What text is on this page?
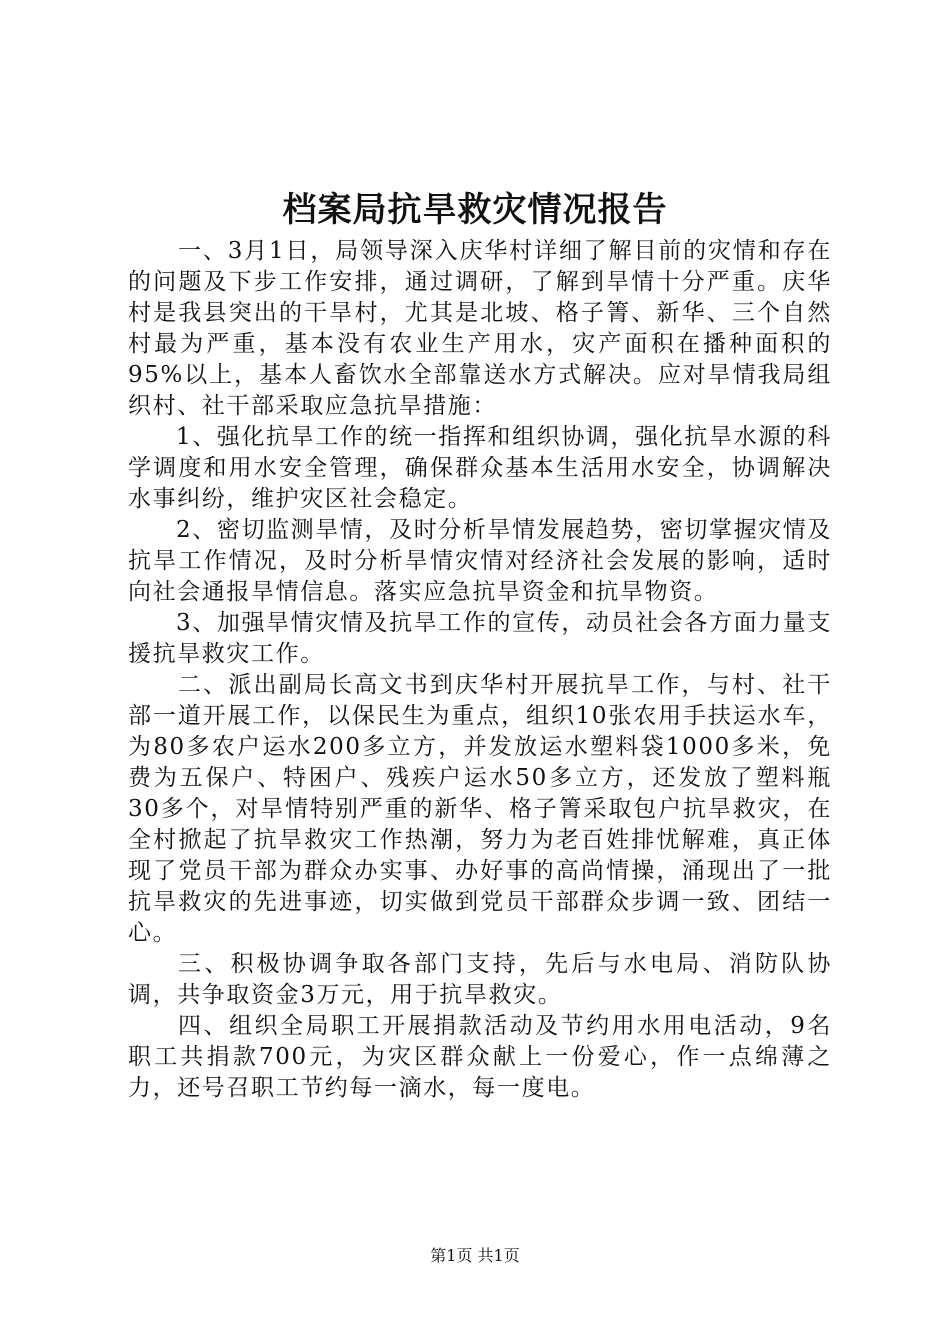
档案局抗旱救灾情况报告

一、3月1日，局领导深入庆华村详细了解目前的灾情和存在的问题及下步工作安排，通过调研，了解到旱情十分严重。庆华村是我县突出的干旱村，尤其是北坡、格子箐、新华、三个自然村最为严重，基本没有农业生产用水，灾产面积在播种面积的95%以上，基本人畜饮水全部靠送水方式解决。应对旱情我局组织村、社干部采取应急抗旱措施：

1、强化抗旱工作的统一指挥和组织协调，强化抗旱水源的科学调度和用水安全管理，确保群众基本生活用水安全，协调解决水事纠纷，维护灾区社会稳定。

2、密切监测旱情，及时分析旱情发展趋势，密切掌握灾情及抗旱工作情况，及时分析旱情灾情对经济社会发展的影响，适时向社会通报旱情信息。落实应急抗旱资金和抗旱物资。

3、加强旱情灾情及抗旱工作的宣传，动员社会各方面力量支援抗旱救灾工作。

二、派出副局长高文书到庆华村开展抗旱工作，与村、社干部一道开展工作，以保民生为重点，组织10张农用手扶运水车，为80多农户运水200多立方，并发放运水塑料袋1000多米，免费为五保户、特困户、残疾户运水50多立方，还发放了塑料瓶30多个，对旱情特别严重的新华、格子箐采取包户抗旱救灾，在全村掀起了抗旱救灾工作热潮，努力为老百姓排忧解难，真正体现了党员干部为群众办实事、办好事的高尚情操，涌现出了一批抗旱救灾的先进事迹，切实做到党员干部群众步调一致、团结一心。

三、积极协调争取各部门支持，先后与水电局、消防队协调，共争取资金3万元，用于抗旱救灾。

四、组织全局职工开展捐款活动及节约用水用电活动，9名职工共捐款700元，为灾区群众献上一份爱心，作一点绵薄之力，还号召职工节约每一滴水，每一度电。

第1页 共1页
